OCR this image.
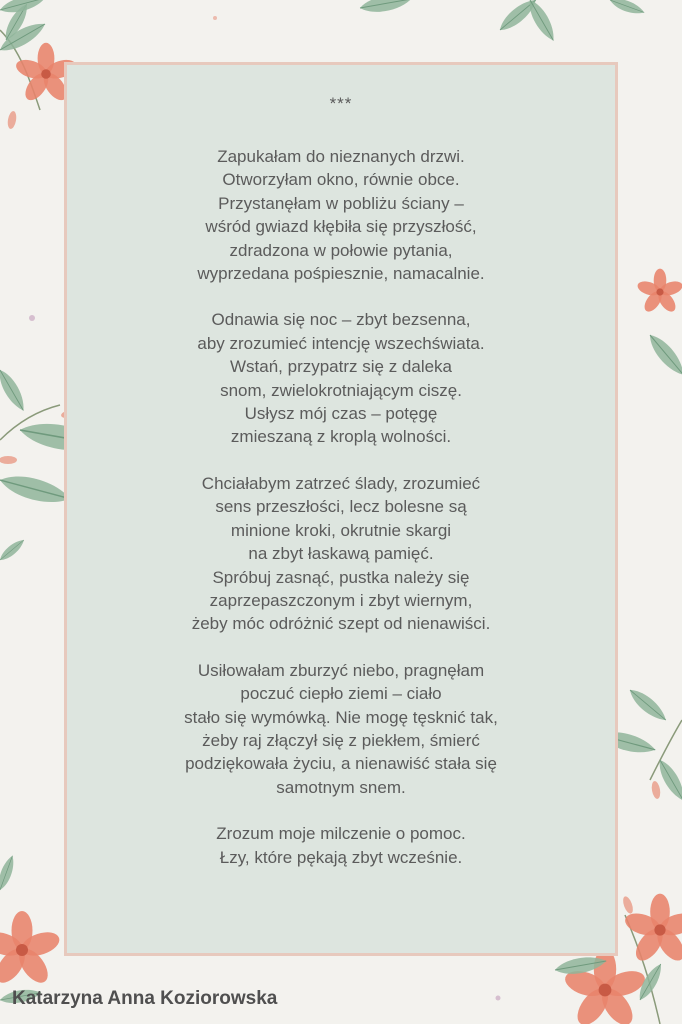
***
Zapukałam do nieznanych drzwi.
Otworzyłam okno, równie obce.
Przystanęłam w pobliżu ściany –
wśród gwiazd kłębiła się przyszłość,
zdradzona w połowie pytania,
wyprzedana pośpiesznie, namacalnie.
Odnawia się noc – zbyt bezsenna,
aby zrozumieć intencję wszechświata.
Wstań, przypatrz się z daleka
snom, zwielokrotniającym ciszę.
Usłysz mój czas – potęgę
zmieszaną z kroplą wolności.
Chciałabym zatrzeć ślady, zrozumieć
sens przeszłości, lecz bolesne są
minione kroki, okrutnie skargi
na zbyt łaskawą pamięć.
Spróbuj zasnąć, pustka należy się
zaprzepaszczonym i zbyt wiernym,
żeby móc odróżnić szept od nienawiści.
Usiłowałam zburzyć niebo, pragnęłam
poczuć ciepło ziemi – ciało
stało się wymówką. Nie mogę tęsknić tak,
żeby raj złączył się z piekłem, śmierć
podziękowała życiu, a nienawiść stała się
samotnym snem.
Zrozum moje milczenie o pomoc.
Łzy, które pękają zbyt wcześnie.
Katarzyna Anna Koziorowska
